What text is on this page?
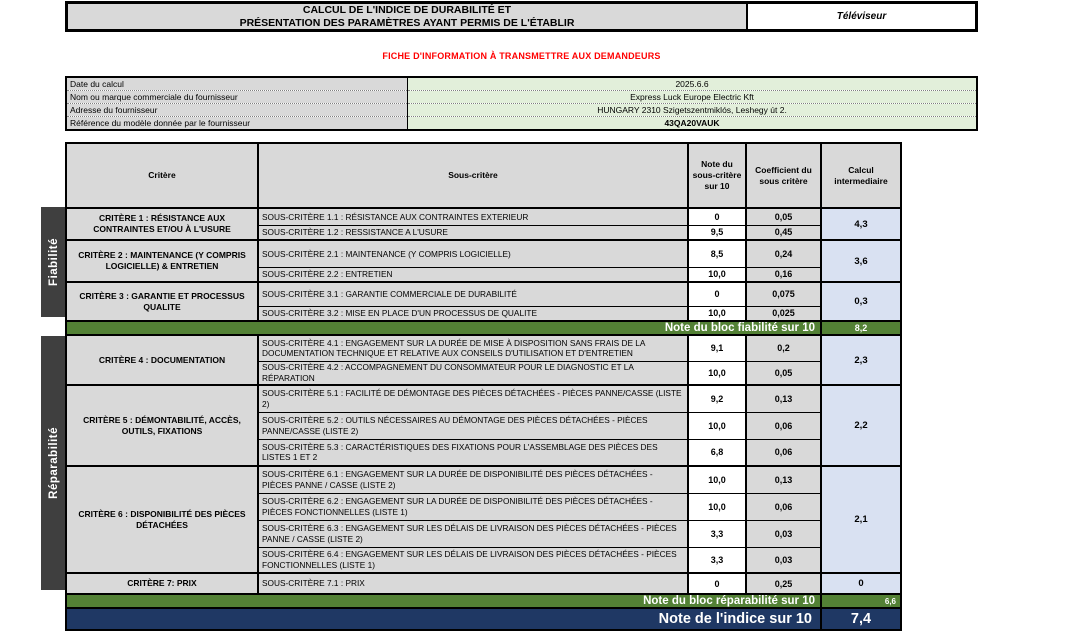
CALCUL DE L'INDICE DE DURABILITÉ ET
PRÉSENTATION DES PARAMÈTRES AYANT PERMIS DE L'ÉTABLIR	Téléviseur
FICHE D'INFORMATION À TRANSMETTRE AUX DEMANDEURS
Date du calcul	2025.6.6
Nom ou marque commerciale du fournisseur	Express Luck Europe Electric Kft
Adresse du fournisseur	HUNGARY 2310 Szigetszentmiklós, Leshegy út 2.
Référence du modèle donnée par le fournisseur	43QA20VAUK
Fiabilité
Réparabilité
Critère	Sous-critère	Note du sous-critère sur 10	Coefficient du sous critère	Calcul intermediaire
CRITÈRE 1 : RÉSISTANCE AUX CONTRAINTES ET/OU À L'USURE	SOUS-CRITÈRE 1.1 : RÉSISTANCE AUX CONTRAINTES EXTERIEUR	0	0,05	4,3
	SOUS-CRITÈRE 1.2 : RESSISTANCE A L'USURE	9,5	0,45	
CRITÈRE 2 : MAINTENANCE (Y COMPRIS LOGICIELLE) & ENTRETIEN	SOUS-CRITÈRE 2.1 : MAINTENANCE (Y COMPRIS LOGICIELLE)	8,5	0,24	3,6
	SOUS-CRITÈRE 2.2 : ENTRETIEN	10,0	0,16	
CRITÈRE 3 : GARANTIE ET PROCESSUS QUALITE	SOUS-CRITÈRE 3.1 : GARANTIE COMMERCIALE DE DURABILITÉ	0	0,075	0,3
	SOUS-CRITÈRE 3.2 : MISE EN PLACE D'UN PROCESSUS DE QUALITE	10,0	0,025	
Note du bloc fiabilité sur 10				8,2
CRITÈRE 4 : DOCUMENTATION	SOUS-CRITÈRE 4.1 : ENGAGEMENT SUR LA DURÉE DE MISE À DISPOSITION SANS FRAIS DE LA DOCUMENTATION TECHNIQUE ET RELATIVE AUX CONSEILS D'UTILISATION ET D'ENTRETIEN	9,1	0,2	2,3
	SOUS-CRITÈRE 4.2 : ACCOMPAGNEMENT DU CONSOMMATEUR POUR LE DIAGNOSTIC ET LA RÉPARATION	10,0	0,05	
CRITÈRE 5 : DÉMONTABILITÉ, ACCÈS, OUTILS, FIXATIONS	SOUS-CRITÈRE 5.1 : FACILITÉ DE DÉMONTAGE DES PIÈCES DÉTACHÉES - PIÈCES PANNE/CASSE (LISTE 2)	9,2	0,13	2,2
	SOUS-CRITÈRE 5.2 : OUTILS NÉCESSAIRES AU DÉMONTAGE DES PIÈCES DÉTACHÉES - PIÈCES PANNE/CASSE (LISTE 2)	10,0	0,06	
	SOUS-CRITÈRE 5.3 : CARACTÉRISTIQUES DES FIXATIONS POUR L'ASSEMBLAGE DES PIÈCES DES LISTES 1 ET 2	6,8	0,06	
CRITÈRE 6 : DISPONIBILITÉ DES PIÈCES DÉTACHÉES	SOUS-CRITÈRE 6.1 : ENGAGEMENT SUR LA DURÉE DE DISPONIBILITÉ DES PIÈCES DÉTACHÉES - PIÈCES PANNE / CASSE (LISTE 2)	10,0	0,13	2,1
	SOUS-CRITÈRE 6.2 : ENGAGEMENT SUR LA DURÉE DE DISPONIBILITÉ DES PIÈCES DÉTACHÉES - PIÈCES FONCTIONNELLES (LISTE 1)	10,0	0,06	
	SOUS-CRITÈRE 6.3 : ENGAGEMENT SUR LES DÉLAIS DE LIVRAISON DES PIÈCES DÉTACHÉES - PIÈCES PANNE / CASSE (LISTE 2)	3,3	0,03	
	SOUS-CRITÈRE 6.4 : ENGAGEMENT SUR LES DÉLAIS DE LIVRAISON DES PIÈCES DÉTACHÉES - PIÈCES FONCTIONNELLES (LISTE 1)	3,3	0,03	
CRITÈRE 7: PRIX	SOUS-CRITÈRE 7.1 : PRIX	0	0,25	0
Note du bloc réparabilité sur 10				6,6
Note de l'indice sur 10				7,4
